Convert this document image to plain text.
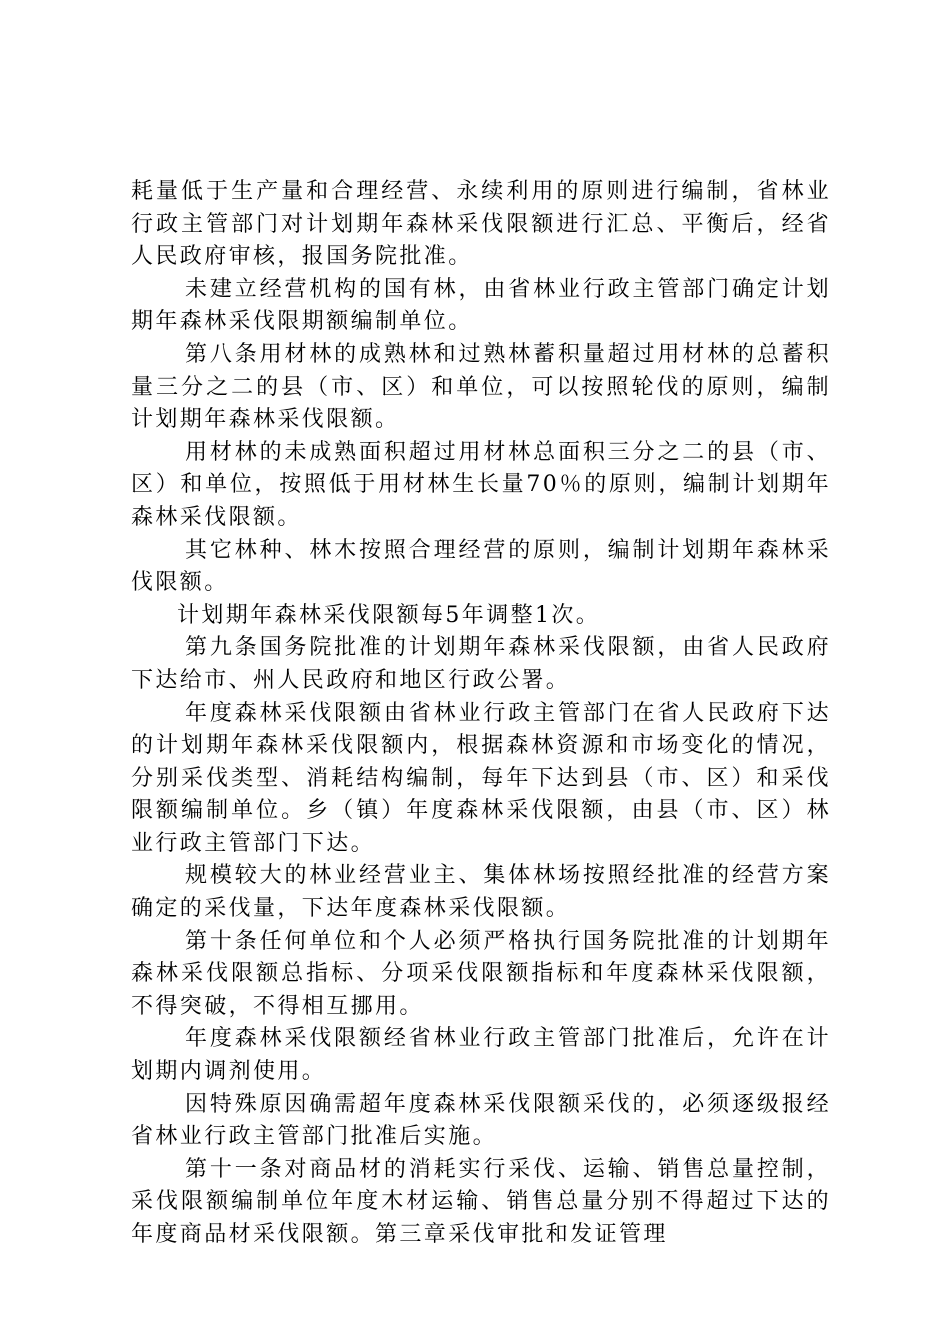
耗量低于生产量和合理经营、永续利用的原则进行编制，省林业行政主管部门对计划期年森林采伐限额进行汇总、平衡后，经省人民政府审核，报国务院批准。

未建立经营机构的国有林，由省林业行政主管部门确定计划期年森林采伐限期额编制单位。

第八条用材林的成熟林和过熟林蓄积量超过用材林的总蓄积量三分之二的县（市、区）和单位，可以按照轮伐的原则，编制计划期年森林采伐限额。

用材林的未成熟面积超过用材林总面积三分之二的县（市、区）和单位，按照低于用材林生长量70％的原则，编制计划期年森林采伐限额。

其它林种、林木按照合理经营的原则，编制计划期年森林采伐限额。

计划期年森林采伐限额每5年调整1次。

第九条国务院批准的计划期年森林采伐限额，由省人民政府下达给市、州人民政府和地区行政公署。

年度森林采伐限额由省林业行政主管部门在省人民政府下达的计划期年森林采伐限额内，根据森林资源和市场变化的情况，分别采伐类型、消耗结构编制，每年下达到县（市、区）和采伐限额编制单位。乡（镇）年度森林采伐限额，由县（市、区）林业行政主管部门下达。

规模较大的林业经营业主、集体林场按照经批准的经营方案确定的采伐量，下达年度森林采伐限额。

第十条任何单位和个人必须严格执行国务院批准的计划期年森林采伐限额总指标、分项采伐限额指标和年度森林采伐限额，不得突破，不得相互挪用。

年度森林采伐限额经省林业行政主管部门批准后，允许在计划期内调剂使用。

因特殊原因确需超年度森林采伐限额采伐的，必须逐级报经省林业行政主管部门批准后实施。

第十一条对商品材的消耗实行采伐、运输、销售总量控制，采伐限额编制单位年度木材运输、销售总量分别不得超过下达的年度商品材采伐限额。第三章采伐审批和发证管理
